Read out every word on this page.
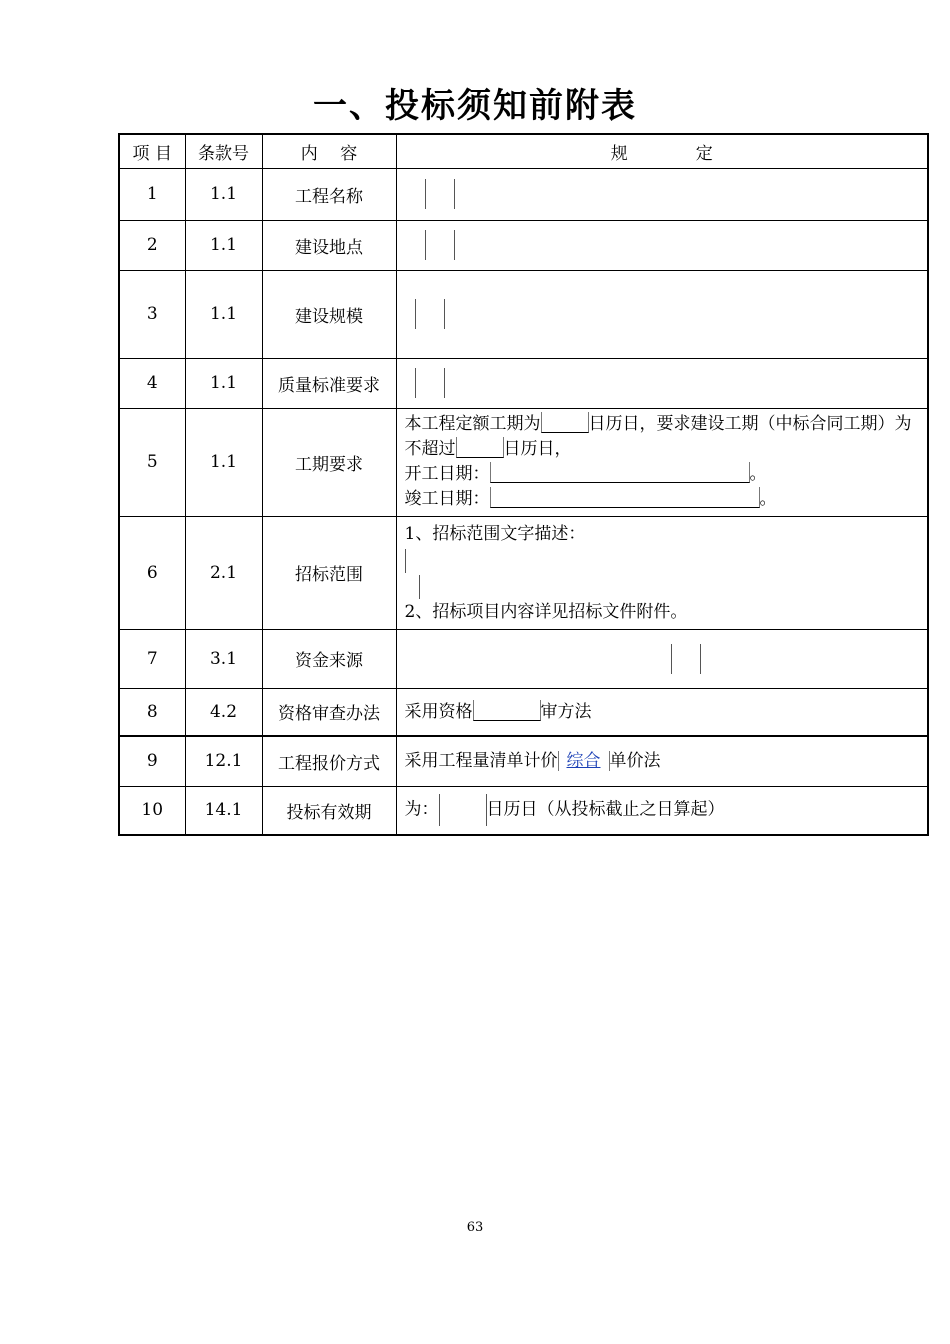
一、投标须知前附表
项 目	条款号	内　 容	规　　　　定
1	1.1	工程名称	
2	1.1	建设地点	
3	1.1	建设规模	
4	1.1	质量标准要求	
5	1.1	工期要求	本工程定额工期为 日历日，要求建设工期（中标合同工期）为不超过 日历日，
开工日期： 。
竣工日期： 。
6	2.1	招标范围	1、招标范围文字描述：
2、招标项目内容详见招标文件附件。

7	3.1	资金来源	
8	4.2	资格审查办法	采用资格 审方法
9	12.1	工程报价方式	采用工程量清单计价 综合 单价法
10	14.1	投标有效期	为： 日历日（从投标截止之日算起）
63
